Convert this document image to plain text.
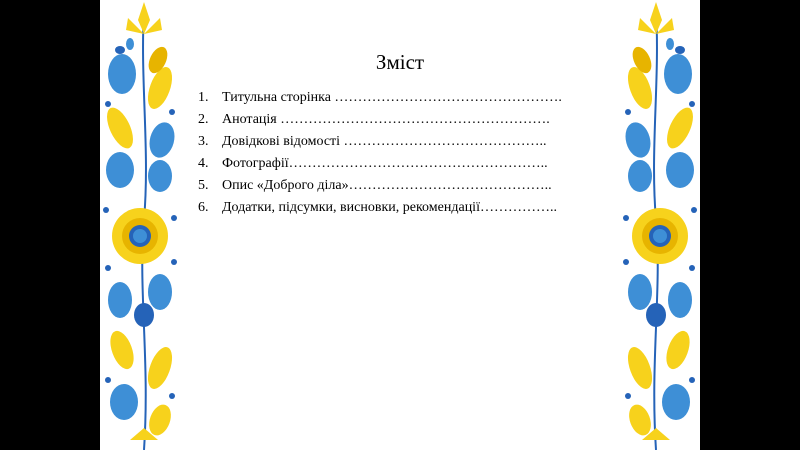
Зміст
1. Титульна сторінка ………………………………………….
2. Анотація ………………………………………………….
3. Довідкові відомості ……………………………………..
4. Фотографії………………………………………………..
5. Опис «Доброго діла»……………………………………..
6. Додатки, підсумки, висновки, рекомендації……………..
